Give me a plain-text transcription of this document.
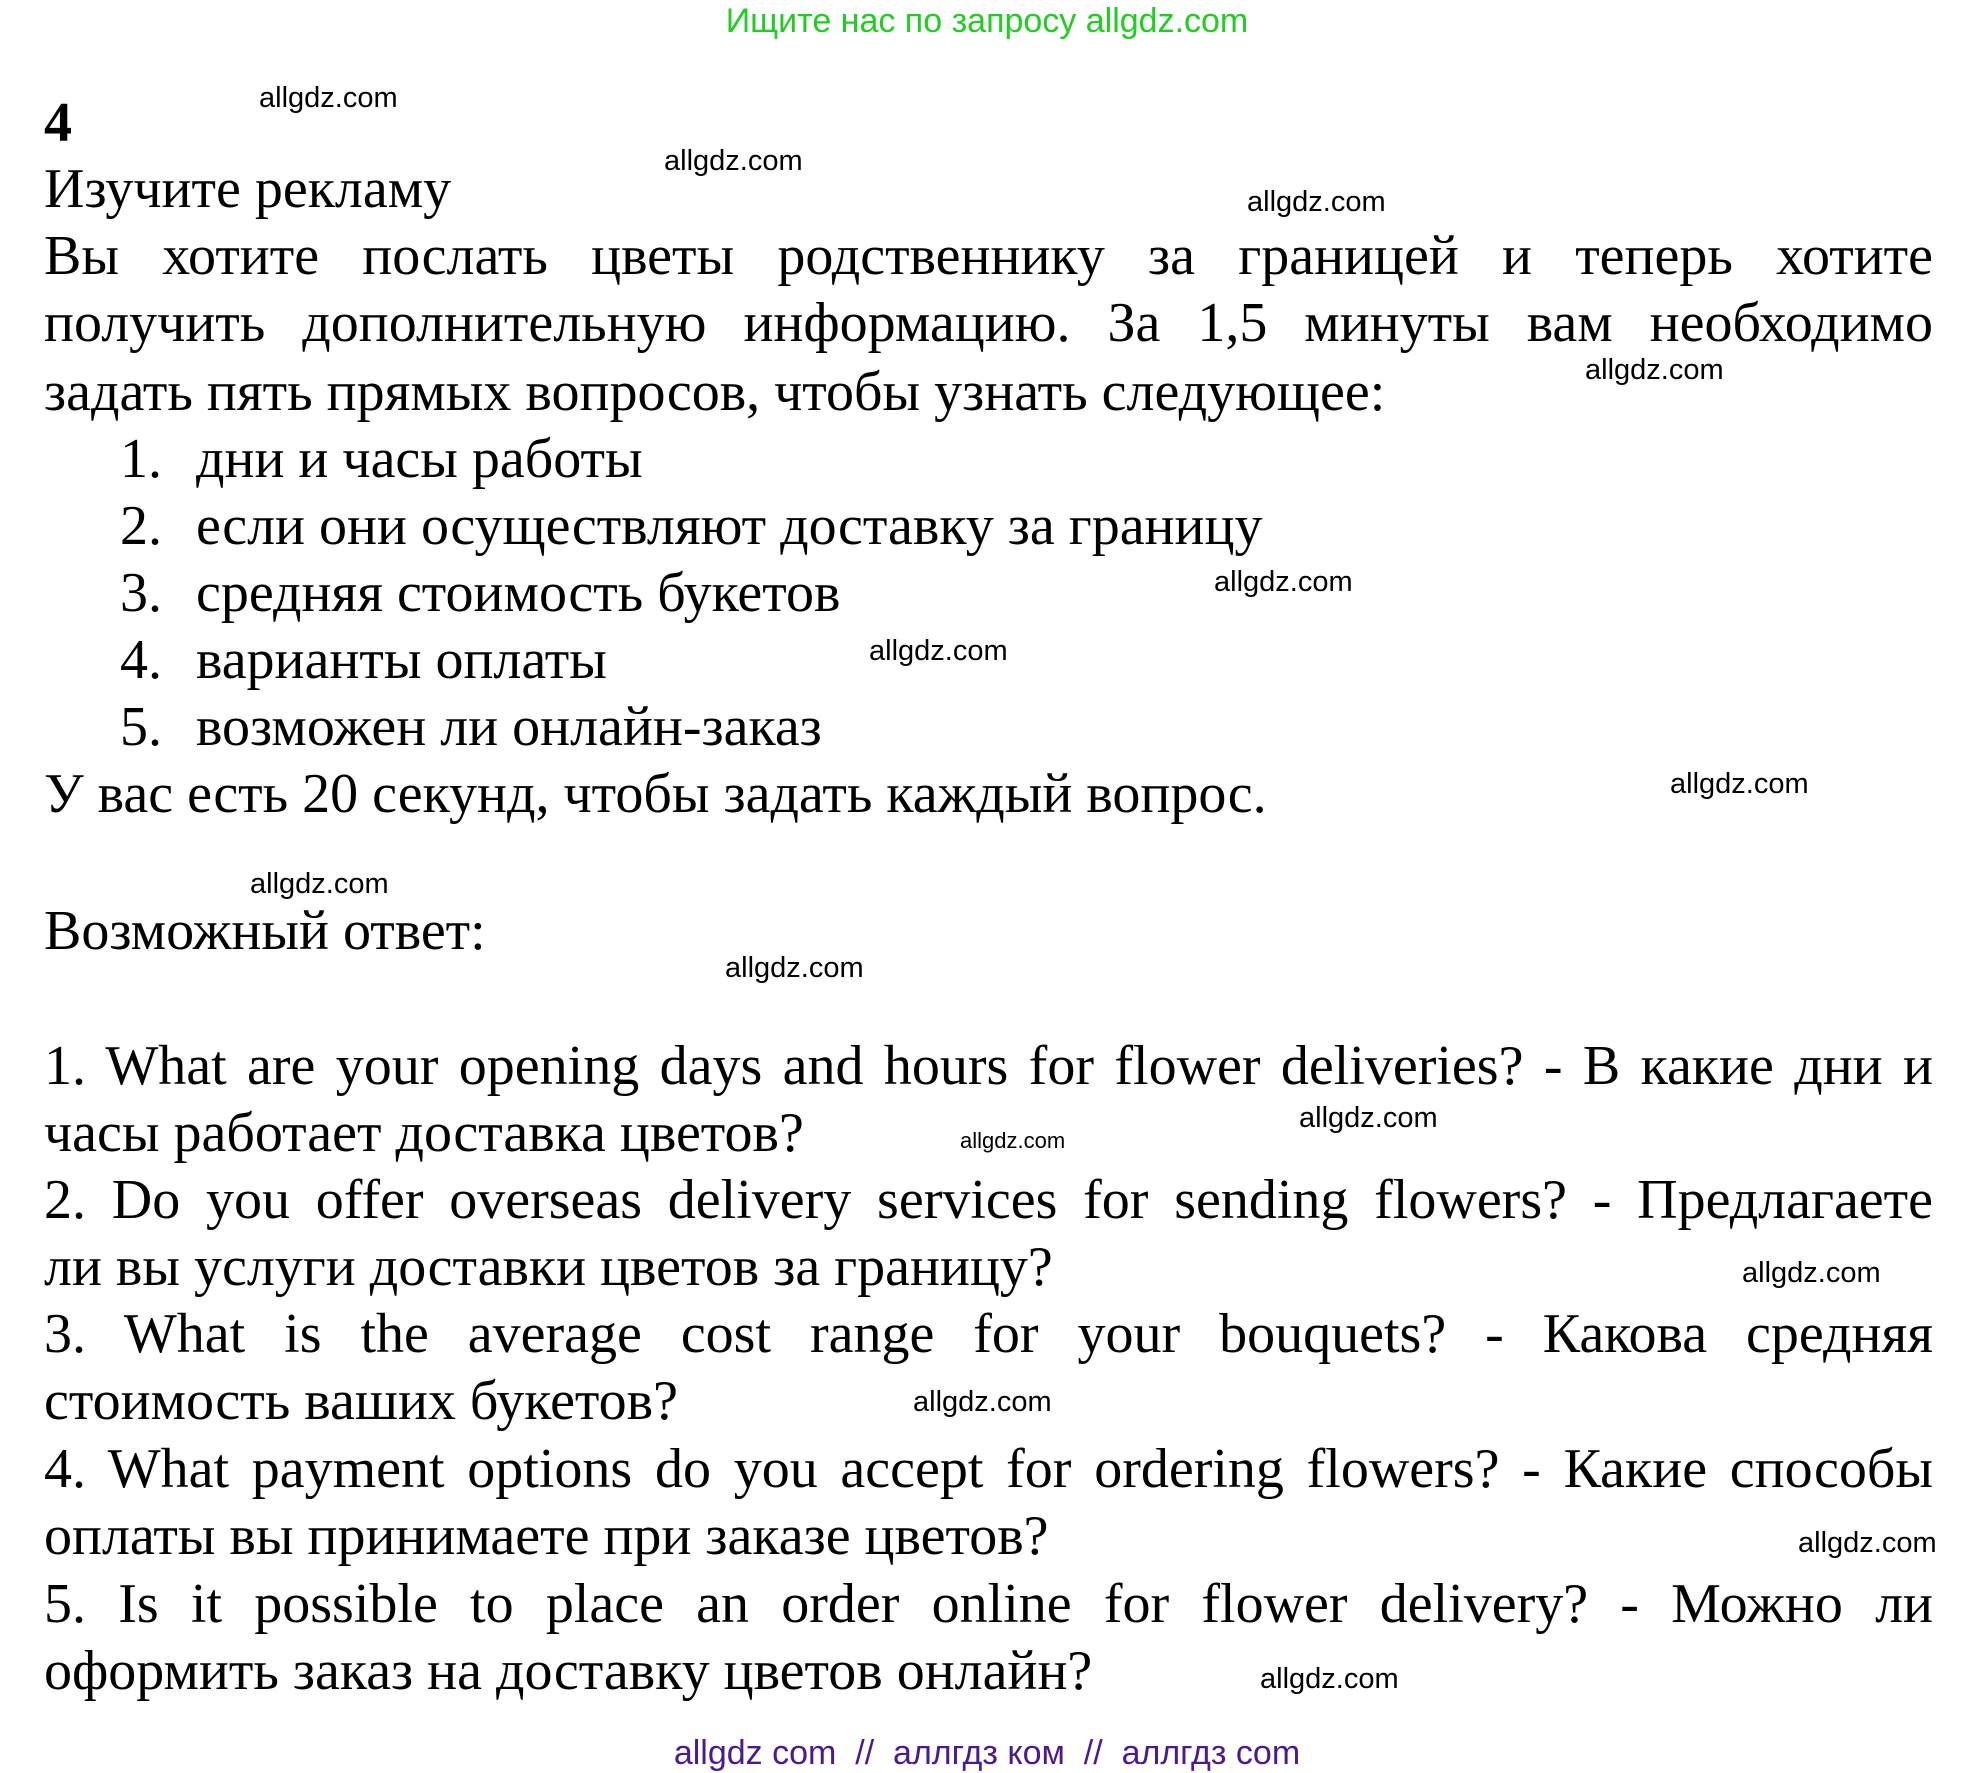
Ищите нас по запросу allgdz.com
4
Изучите рекламу
Вы хотите послать цветы родственнику за границей и теперь хотите
получить дополнительную информацию. За 1,5 минуты вам необходимо
задать пять прямых вопросов, чтобы узнать следующее:
1. дни и часы работы
2. если они осуществляют доставку за границу
3. средняя стоимость букетов
4. варианты оплаты
5. возможен ли онлайн-заказ
У вас есть 20 секунд, чтобы задать каждый вопрос.
Возможный ответ:
1. What are your opening days and hours for flower deliveries? - В какие дни и
часы работает доставка цветов?
2. Do you offer overseas delivery services for sending flowers? - Предлагаете
ли вы услуги доставки цветов за границу?
3. What is the average cost range for your bouquets? - Какова средняя
стоимость ваших букетов?
4. What payment options do you accept for ordering flowers? - Какие способы
оплаты вы принимаете при заказе цветов?
5. Is it possible to place an order online for flower delivery? - Можно ли
оформить заказ на доставку цветов онлайн?
allgdz.com
allgdz.com
allgdz.com
allgdz.com
allgdz.com
allgdz.com
allgdz.com
allgdz.com
allgdz.com
allgdz.com
allgdz.com
allgdz.com
allgdz.com
allgdz.com
allgdz.com
allgdz com  //  аллгдз ком  //  аллгдз com
